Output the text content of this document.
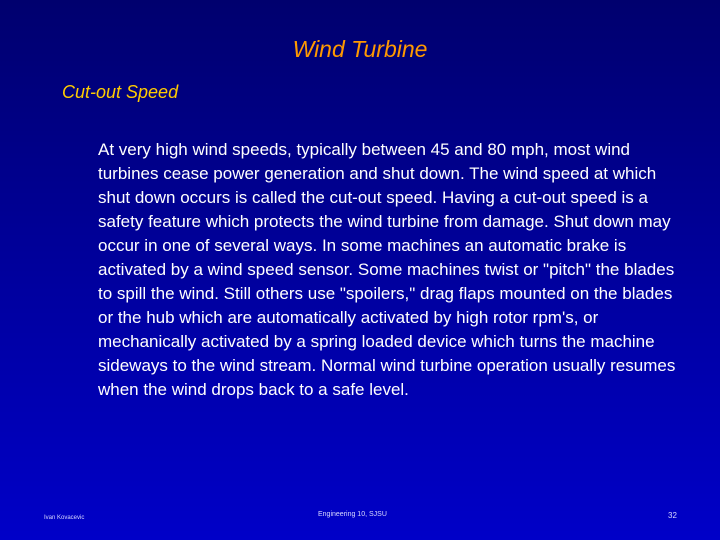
Wind Turbine
Cut-out Speed
At very high wind speeds, typically between 45 and 80 mph, most wind turbines cease power generation and shut down. The wind speed at which shut down occurs is called the cut-out speed. Having a cut-out speed is a safety feature which protects the wind turbine from damage. Shut down may occur in one of several ways. In some machines an automatic brake is activated by a wind speed sensor. Some machines twist or "pitch" the blades to spill the wind. Still others use "spoilers," drag flaps mounted on the blades or the hub which are automatically activated by high rotor rpm's, or mechanically activated by a spring loaded device which turns the machine sideways to the wind stream. Normal wind turbine operation usually resumes when the wind drops back to a safe level.
Ivan Kovacevic	Engineering 10, SJSU	32
